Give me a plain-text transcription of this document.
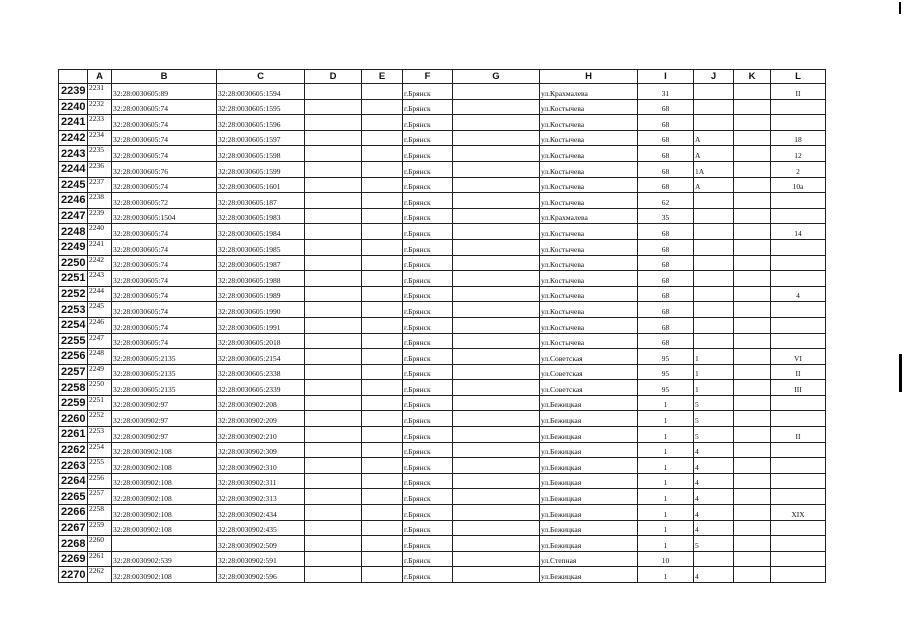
	A	B	C	D	E	F	G	H	I	J	K	L
2239	2231	32:28:0030605:89	32:28:0030605:1594			г.Брянск		ул.Крахмалева	31			II
2240	2232	32:28:0030605:74	32:28:0030605:1595			г.Брянск		ул.Костычева	68			
2241	2233	32:28:0030605:74	32:28:0030605:1596			г.Брянск		ул.Костычева	68			
2242	2234	32:28:0030605:74	32:28:0030605:1597			г.Брянск		ул.Костычева	68	А		18
2243	2235	32:28:0030605:74	32:28:0030605:1598			г.Брянск		ул.Костычева	68	А		12
2244	2236	32:28:0030605:76	32:28:0030605:1599			г.Брянск		ул.Костычева	68	1А		2
2245	2237	32:28:0030605:74	32:28:0030605:1601			г.Брянск		ул.Костычева	68	А		10а
2246	2238	32:28:0030605:72	32:28:0030605:187			г.Брянск		ул.Костычева	62			
2247	2239	32:28:0030605:1504	32:28:0030605:1983			г.Брянск		ул.Крахмалева	35			
2248	2240	32:28:0030605:74	32:28:0030605:1984			г.Брянск		ул.Костычева	68			14
2249	2241	32:28:0030605:74	32:28:0030605:1985			г.Брянск		ул.Костычева	68			
2250	2242	32:28:0030605:74	32:28:0030605:1987			г.Брянск		ул.Костычева	68			
2251	2243	32:28:0030605:74	32:28:0030605:1988			г.Брянск		ул.Костычева	68			
2252	2244	32:28:0030605:74	32:28:0030605:1989			г.Брянск		ул.Костычева	68			4
2253	2245	32:28:0030605:74	32:28:0030605:1990			г.Брянск		ул.Костычева	68			
2254	2246	32:28:0030605:74	32:28:0030605:1991			г.Брянск		ул.Костычева	68			
2255	2247	32:28:0030605:74	32:28:0030605:2018			г.Брянск		ул.Костычева	68			
2256	2248	32:28:0030605:2135	32:28:0030605:2154			г.Брянск		ул.Советская	95	1		VI
2257	2249	32:28:0030605:2135	32:28:0030605:2338			г.Брянск		ул.Советская	95	1		II
2258	2250	32:28:0030605:2135	32:28:0030605:2339			г.Брянск		ул.Советская	95	1		III
2259	2251	32:28:0030902:97	32:28:0030902:208			г.Брянск		ул.Бежицкая	1	5		
2260	2252	32:28:0030902:97	32:28:0030902:209			г.Брянск		ул.Бежицкая	1	5		
2261	2253	32:28:0030902:97	32:28:0030902:210			г.Брянск		ул.Бежицкая	1	5		II
2262	2254	32:28:0030902:108	32:28:0030902:309			г.Брянск		ул.Бежицкая	1	4		
2263	2255	32:28:0030902:108	32:28:0030902:310			г.Брянск		ул.Бежицкая	1	4		
2264	2256	32:28:0030902:108	32:28:0030902:311			г.Брянск		ул.Бежицкая	1	4		
2265	2257	32:28:0030902:108	32:28:0030902:313			г.Брянск		ул.Бежицкая	1	4		
2266	2258	32:28:0030902:108	32:28:0030902:434			г.Брянск		ул.Бежицкая	1	4		XIX
2267	2259	32:28:0030902:108	32:28:0030902:435			г.Брянск		ул.Бежицкая	1	4		
2268	2260		32:28:0030902:509			г.Брянск		ул.Бежицкая	1	5		
2269	2261	32:28:0030902:539	32:28:0030902:591			г.Брянск		ул.Степная	10			
2270	2262	32:28:0030902:108	32:28:0030902:596			г.Брянск		ул.Бежицкая	1	4		
